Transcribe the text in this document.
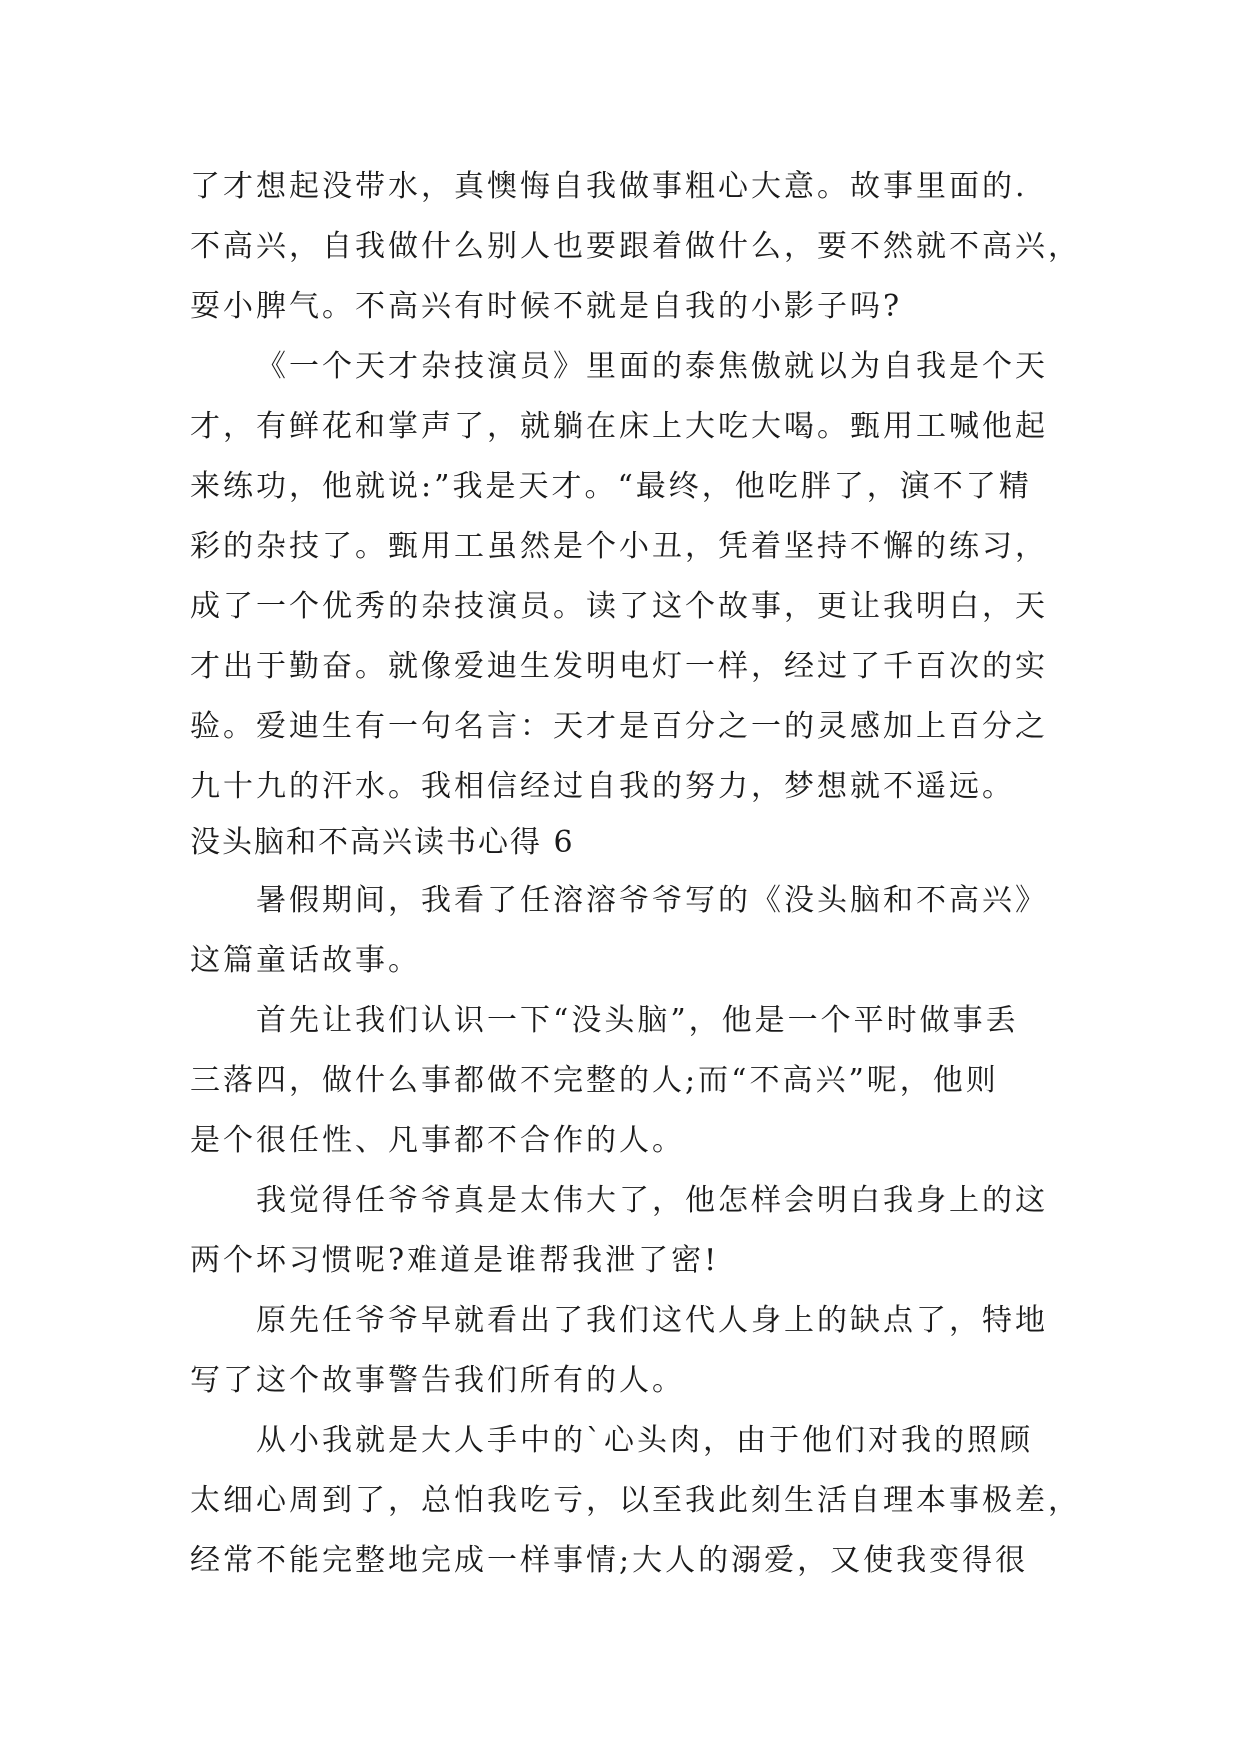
了才想起没带水，真懊悔自我做事粗心大意。故事里面的.
不高兴，自我做什么别人也要跟着做什么，要不然就不高兴，
耍小脾气。不高兴有时候不就是自我的小影子吗?
《一个天才杂技演员》里面的泰焦傲就以为自我是个天
才，有鲜花和掌声了，就躺在床上大吃大喝。甄用工喊他起
来练功，他就说:”我是天才。“最终，他吃胖了，演不了精
彩的杂技了。甄用工虽然是个小丑，凭着坚持不懈的练习，
成了一个优秀的杂技演员。读了这个故事，更让我明白，天
才出于勤奋。就像爱迪生发明电灯一样，经过了千百次的实
验。爱迪生有一句名言：天才是百分之一的灵感加上百分之
九十九的汗水。我相信经过自我的努力，梦想就不遥远。
没头脑和不高兴读书心得 6
暑假期间，我看了任溶溶爷爷写的《没头脑和不高兴》
这篇童话故事。
首先让我们认识一下“没头脑”，他是一个平时做事丢
三落四，做什么事都做不完整的人;而“不高兴”呢，他则
是个很任性、凡事都不合作的人。
我觉得任爷爷真是太伟大了，他怎样会明白我身上的这
两个坏习惯呢?难道是谁帮我泄了密!
原先任爷爷早就看出了我们这代人身上的缺点了，特地
写了这个故事警告我们所有的人。
从小我就是大人手中的`心头肉，由于他们对我的照顾
太细心周到了，总怕我吃亏，以至我此刻生活自理本事极差，
经常不能完整地完成一样事情;大人的溺爱，又使我变得很
